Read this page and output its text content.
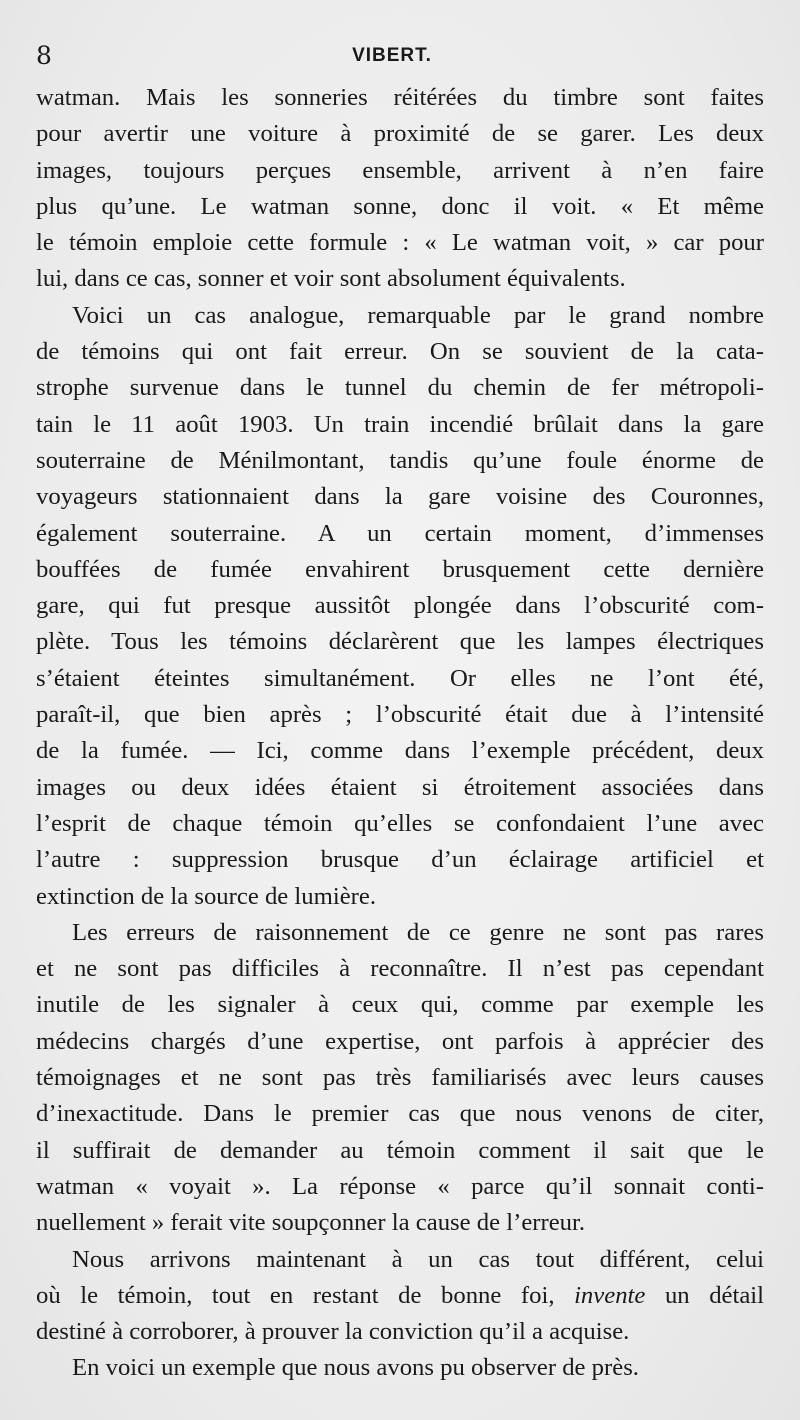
8	VIBERT.
watman. Mais les sonneries réitérées du timbre sont faites
pour avertir une voiture à proximité de se garer. Les deux
images, toujours perçues ensemble, arrivent à n’en faire
plus qu’une. Le watman sonne, donc il voit. « Et même
le témoin emploie cette formule : « Le watman voit, » car pour
lui, dans ce cas, sonner et voir sont absolument équivalents.
Voici un cas analogue, remarquable par le grand nombre
de témoins qui ont fait erreur. On se souvient de la cata-
strophe survenue dans le tunnel du chemin de fer métropoli-
tain le 11 août 1903. Un train incendié brûlait dans la gare
souterraine de Ménilmontant, tandis qu’une foule énorme de
voyageurs stationnaient dans la gare voisine des Couronnes,
également souterraine. A un certain moment, d’immenses
bouffées de fumée envahirent brusquement cette dernière
gare, qui fut presque aussitôt plongée dans l’obscurité com-
plète. Tous les témoins déclarèrent que les lampes électriques
s’étaient éteintes simultanément. Or elles ne l’ont été,
paraît-il, que bien après ; l’obscurité était due à l’intensité
de la fumée. — Ici, comme dans l’exemple précédent, deux
images ou deux idées étaient si étroitement associées dans
l’esprit de chaque témoin qu’elles se confondaient l’une avec
l’autre : suppression brusque d’un éclairage artificiel et
extinction de la source de lumière.
Les erreurs de raisonnement de ce genre ne sont pas rares
et ne sont pas difficiles à reconnaître. Il n’est pas cependant
inutile de les signaler à ceux qui, comme par exemple les
médecins chargés d’une expertise, ont parfois à apprécier des
témoignages et ne sont pas très familiarisés avec leurs causes
d’inexactitude. Dans le premier cas que nous venons de citer,
il suffirait de demander au témoin comment il sait que le
watman « voyait ». La réponse « parce qu’il sonnait conti-
nuellement » ferait vite soupçonner la cause de l’erreur.
Nous arrivons maintenant à un cas tout différent, celui
où le témoin, tout en restant de bonne foi, invente un détail
destiné à corroborer, à prouver la conviction qu’il a acquise.
En voici un exemple que nous avons pu observer de près.
